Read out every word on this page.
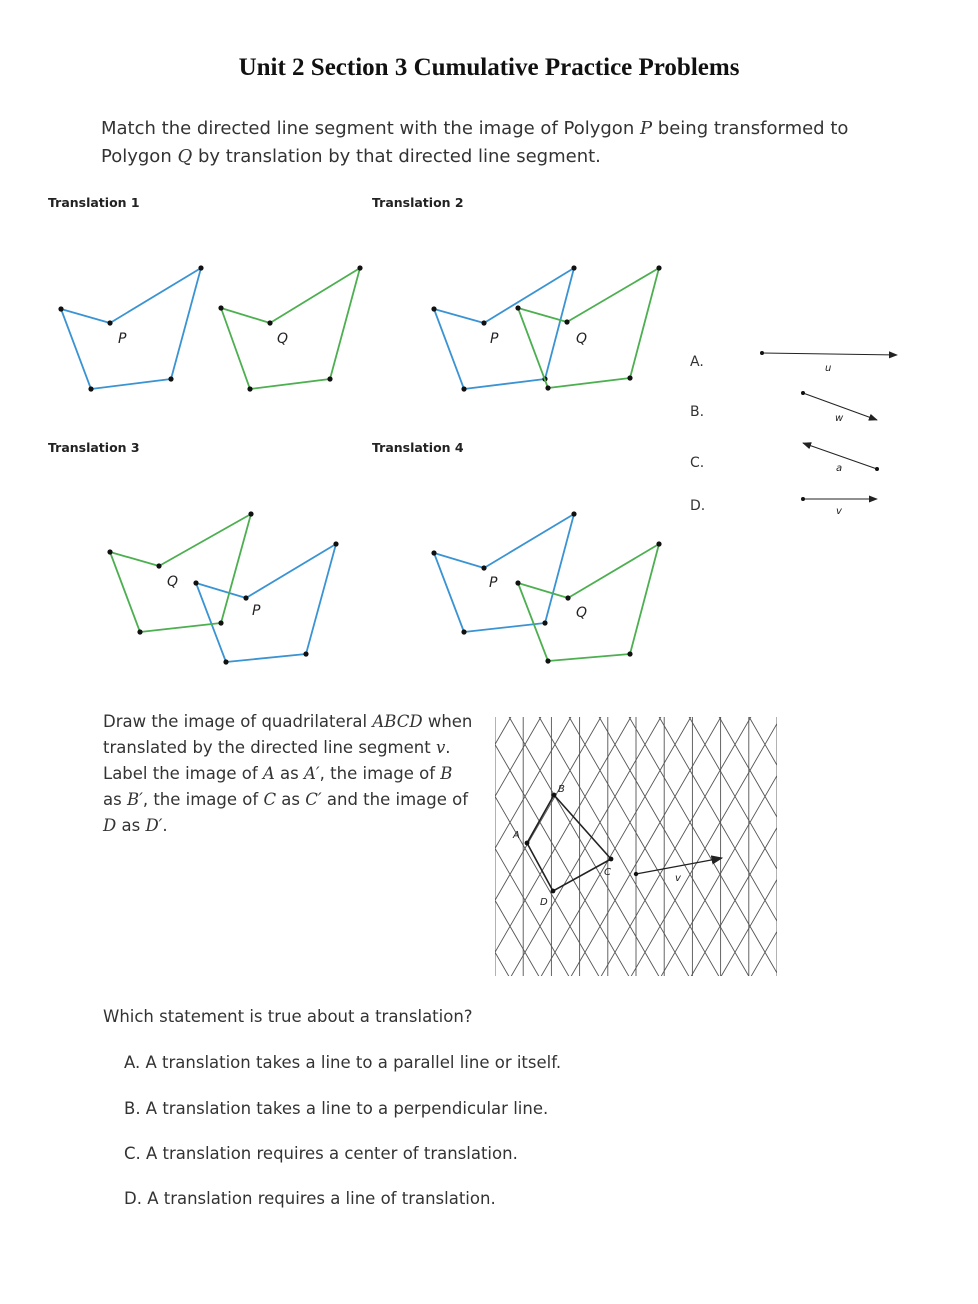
Unit 2 Section 3 Cumulative Practice Problems
Match the directed line segment with the image of Polygon P being transformed to Polygon Q by translation by that directed line segment.
Translation 1	Translation 2
Translation 3	Translation 4
P	Q	P	Q
P
Q	P
Q
u
w
a
v
A
B
C
D
v
A.
B.
C.
D.
Draw the image of quadrilateral ABCD when translated by the directed line segment v. Label the image of A as A′, the image of B as B′, the image of C as C′ and the image of D as D′.
Which statement is true about a translation?
A. A translation takes a line to a parallel line or itself.
B. A translation takes a line to a perpendicular line.
C. A translation requires a center of translation.
D. A translation requires a line of translation.
